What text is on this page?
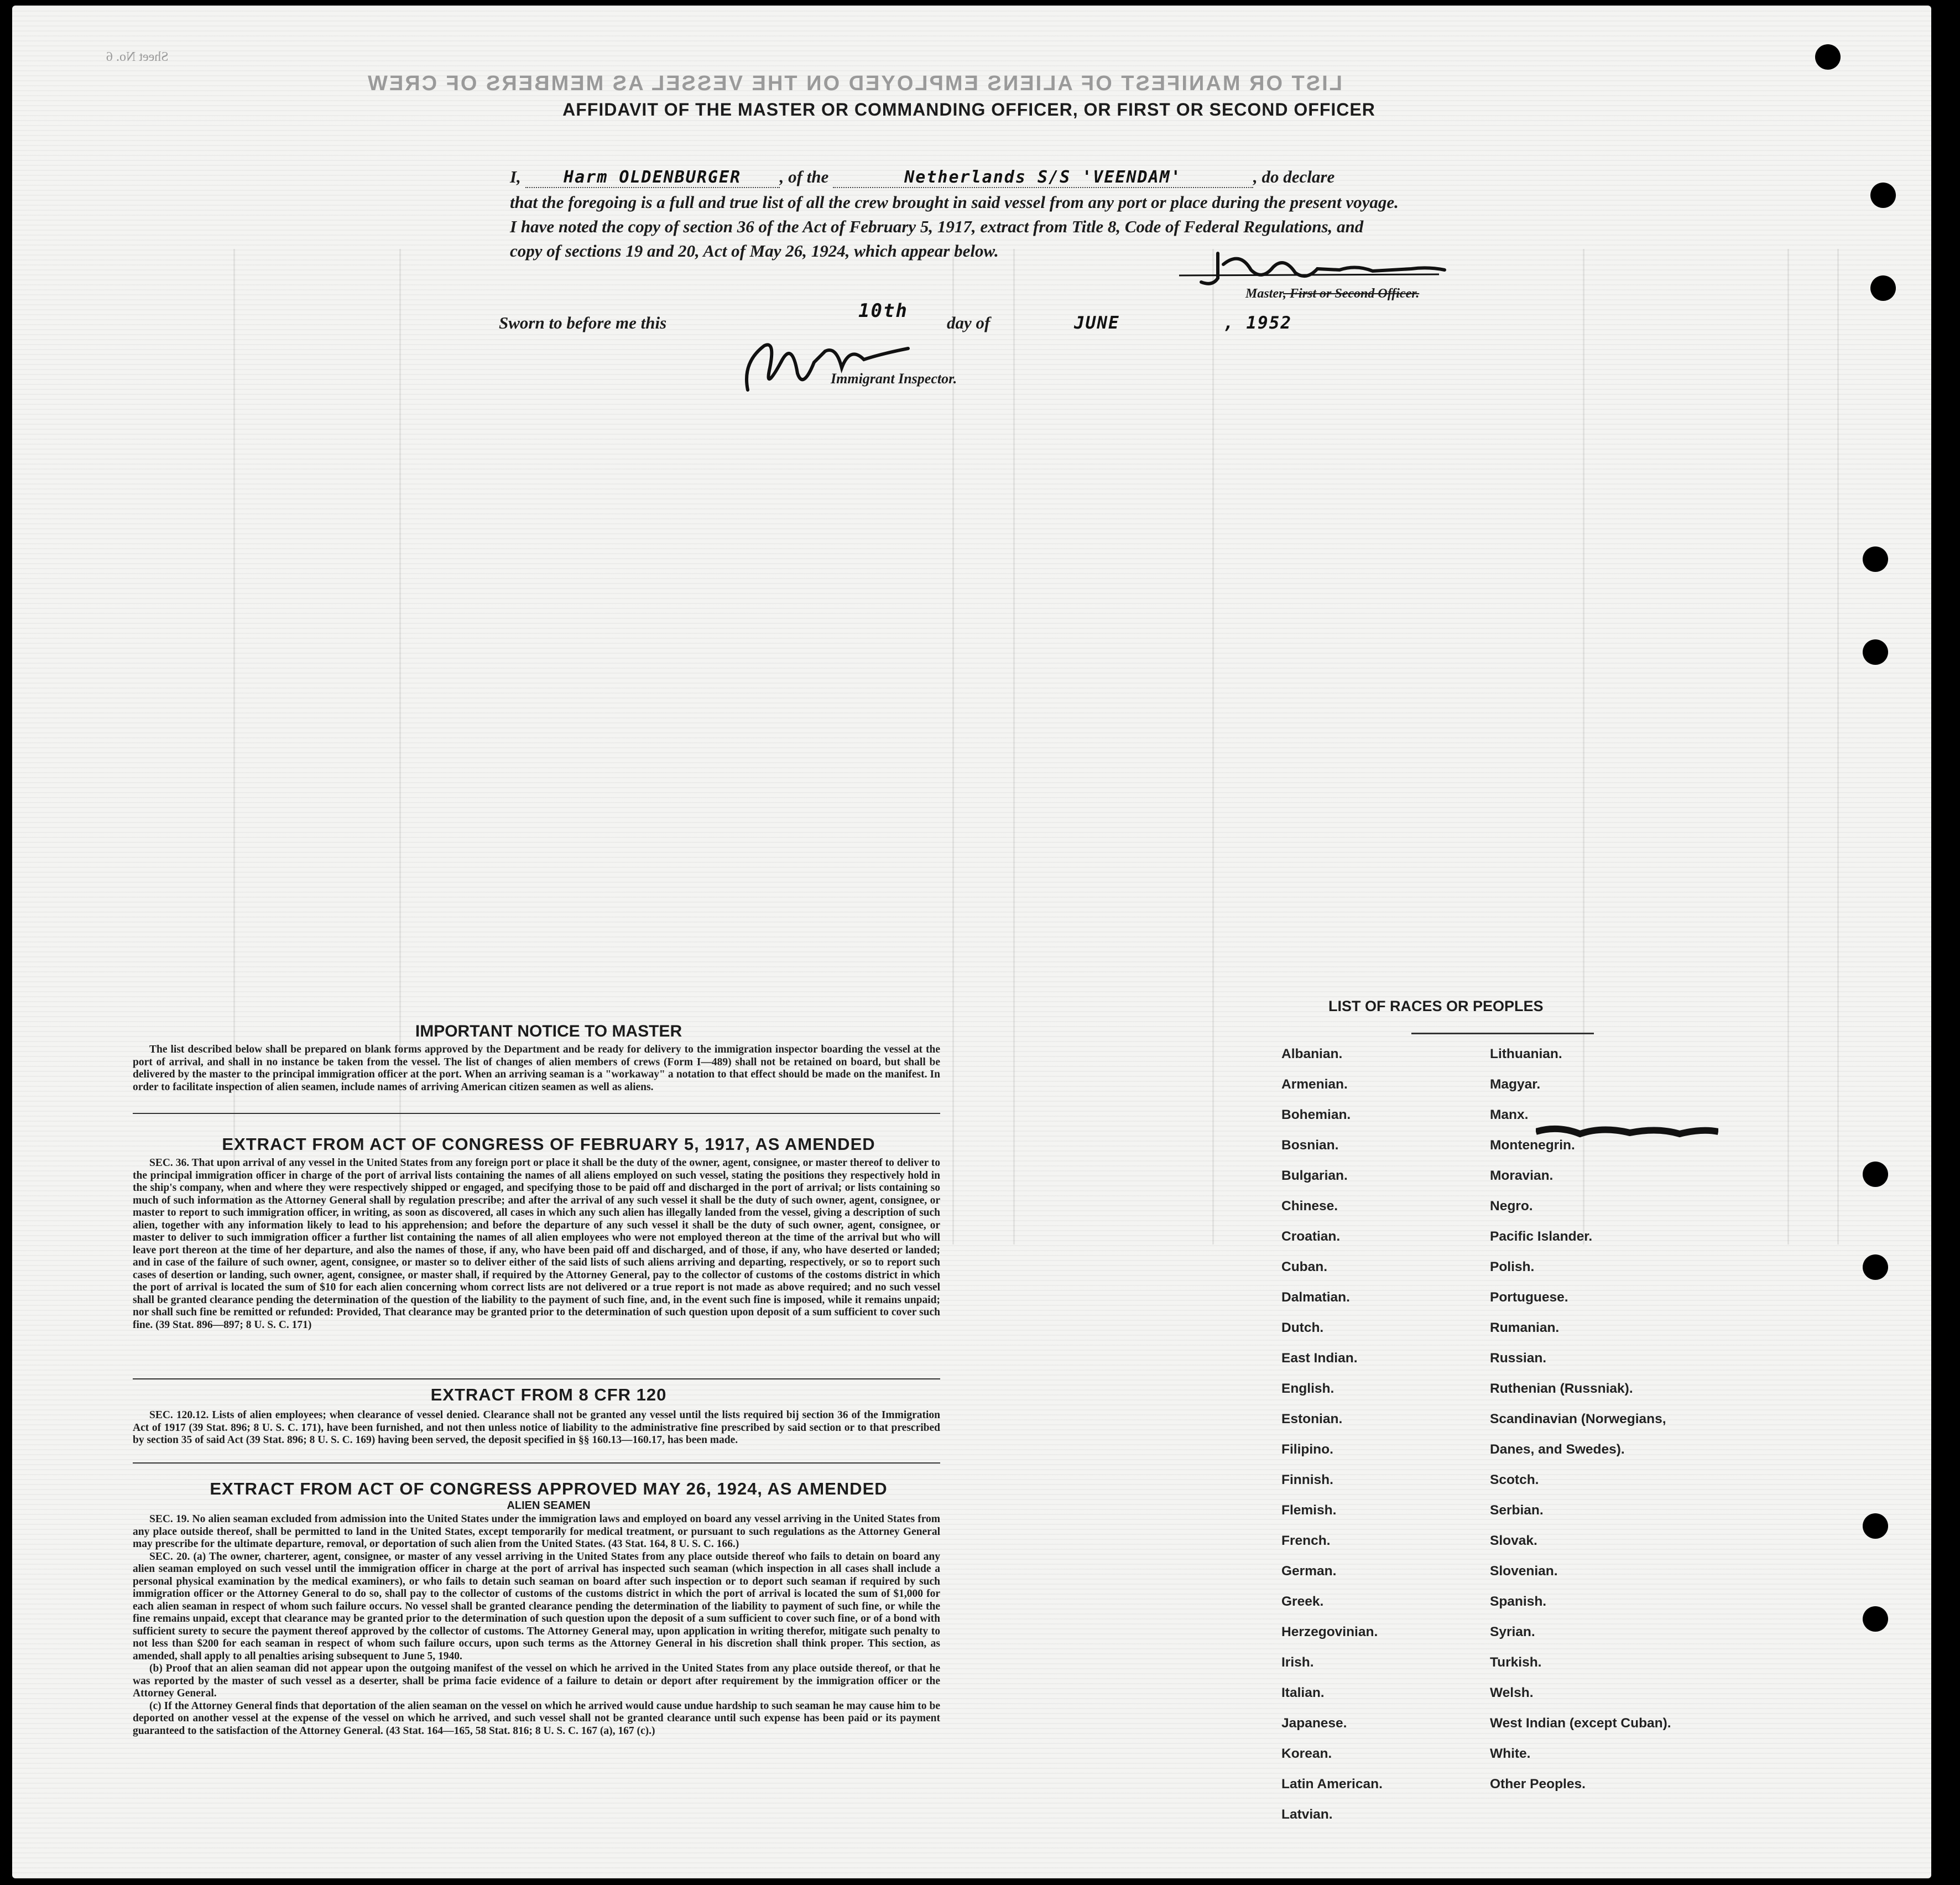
LIST OR MANIFEST OF ALIENS EMPLOYED ON THE VESSEL AS MEMBERS OF CREW
Sheet No. 6
AFFIDAVIT OF THE MASTER OR COMMANDING OFFICER, OR FIRST OR SECOND OFFICER
I,	Harm OLDENBURGER , of the	Netherlands S/S 'VEENDAM'	, do declare
that the foregoing is a full and true list of all the crew brought in said vessel from any port or place during the present voyage.
I have noted the copy of section 36 of the Act of February 5, 1917, extract from Title 8, Code of Federal Regulations, and
copy of sections 19 and 20, Act of May 26, 1924, which appear below.
Master, First or Second Officer.
Sworn to before me this
10th
day of	JUNE	, 1952
Immigrant Inspector.
IMPORTANT NOTICE TO MASTER

The list described below shall be prepared on blank forms approved by the Department and be ready for delivery to the immigration inspector boarding the vessel at the port of arrival, and shall in no instance be taken from the vessel. The list of changes of alien members of crews (Form I—489) shall not be retained on board, but shall be delivered by the master to the principal immigration officer at the port. When an arriving seaman is a "workaway" a notation to that effect should be made on the manifest. In order to facilitate inspection of alien seamen, include names of arriving American citizen seamen as well as aliens.

EXTRACT FROM ACT OF CONGRESS OF FEBRUARY 5, 1917, AS AMENDED

SEC. 36. That upon arrival of any vessel in the United States from any foreign port or place it shall be the duty of the owner, agent, consignee, or master thereof to deliver to the principal immigration officer in charge of the port of arrival lists containing the names of all aliens employed on such vessel, stating the positions they respectively hold in the ship's company, when and where they were respectively shipped or engaged, and specifying those to be paid off and discharged in the port of arrival; or lists containing so much of such information as the Attorney General shall by regulation prescribe; and after the arrival of any such vessel it shall be the duty of such owner, agent, consignee, or master to report to such immigration officer, in writing, as soon as discovered, all cases in which any such alien has illegally landed from the vessel, giving a description of such alien, together with any information likely to lead to his apprehension; and before the departure of any such vessel it shall be the duty of such owner, agent, consignee, or master to deliver to such immigration officer a further list containing the names of all alien employees who were not employed thereon at the time of the arrival but who will leave port thereon at the time of her departure, and also the names of those, if any, who have been paid off and discharged, and of those, if any, who have deserted or landed; and in case of the failure of such owner, agent, consignee, or master so to deliver either of the said lists of such aliens arriving and departing, respectively, or so to report such cases of desertion or landing, such owner, agent, consignee, or master shall, if required by the Attorney General, pay to the collector of customs of the costoms district in which the port of arrival is located the sum of $10 for each alien concerning whom correct lists are not delivered or a true report is not made as above required; and no such vessel shall be granted clearance pending the determination of the question of the liability to the payment of such fine, and, in the event such fine is imposed, while it remains unpaid; nor shall such fine be remitted or refunded: Provided, That clearance may be granted prior to the determination of such question upon deposit of a sum sufficient to cover such fine. (39 Stat. 896—897; 8 U. S. C. 171)

EXTRACT FROM 8 CFR 120

SEC. 120.12. Lists of alien employees; when clearance of vessel denied. Clearance shall not be granted any vessel until the lists required bij section 36 of the Immigration Act of 1917 (39 Stat. 896; 8 U. S. C. 171), have been furnished, and not then unless notice of liability to the administrative fine prescribed by said section or to that prescribed by section 35 of said Act (39 Stat. 896; 8 U. S. C. 169) having been served, the deposit specified in §§ 160.13—160.17, has been made.

EXTRACT FROM ACT OF CONGRESS APPROVED MAY 26, 1924, AS AMENDED
ALIEN SEAMEN

SEC. 19. No alien seaman excluded from admission into the United States under the immigration laws and employed on board any vessel arriving in the United States from any place outside thereof, shall be permitted to land in the United States, except temporarily for medical treatment, or pursuant to such regulations as the Attorney General may prescribe for the ultimate departure, removal, or deportation of such alien from the United States. (43 Stat. 164, 8 U. S. C. 166.)

SEC. 20. (a) The owner, charterer, agent, consignee, or master of any vessel arriving in the United States from any place outside thereof who fails to detain on board any alien seaman employed on such vessel until the immigration officer in charge at the port of arrival has inspected such seaman (which inspection in all cases shall include a personal physical examination by the medical examiners), or who fails to detain such seaman on board after such inspection or to deport such seaman if required by such immigration officer or the Attorney General to do so, shall pay to the collector of customs of the customs district in which the port of arrival is located the sum of $1,000 for each alien seaman in respect of whom such failure occurs. No vessel shall be granted clearance pending the determination of the liability to payment of such fine, or while the fine remains unpaid, except that clearance may be granted prior to the determination of such question upon the deposit of a sum sufficient to cover such fine, or of a bond with sufficient surety to secure the payment thereof approved by the collector of customs. The Attorney General may, upon application in writing therefor, mitigate such penalty to not less than $200 for each seaman in respect of whom such failure occurs, upon such terms as the Attorney General in his discretion shall think proper. This section, as amended, shall apply to all penalties arising subsequent to June 5, 1940.

(b) Proof that an alien seaman did not appear upon the outgoing manifest of the vessel on which he arrived in the United States from any place outside thereof, or that he was reported by the master of such vessel as a deserter, shall be prima facie evidence of a failure to detain or deport after requirement by the immigration officer or the Attorney General.

(c) If the Attorney General finds that deportation of the alien seaman on the vessel on which he arrived would cause undue hardship to such seaman he may cause him to be deported on another vessel at the expense of the vessel on which he arrived, and such vessel shall not be granted clearance until such expense has been paid or its payment guaranteed to the satisfaction of the Attorney General. (43 Stat. 164—165, 58 Stat. 816; 8 U. S. C. 167 (a), 167 (c).)

LIST OF RACES OR PEOPLES
Albanian.
Armenian.
Bohemian.
Bosnian.
Bulgarian.
Chinese.
Croatian.
Cuban.
Dalmatian.
Dutch.
East Indian.
English.
Estonian.
Filipino.
Finnish.
Flemish.
French.
German.
Greek.
Herzegovinian.
Irish.
Italian.
Japanese.
Korean.
Latin American.
Latvian.
Lithuanian.
Magyar.
Manx.
Montenegrin.
Moravian.
Negro.
Pacific Islander.
Polish.
Portuguese.
Rumanian.
Russian.
Ruthenian (Russniak).
Scandinavian (Norwegians,
Danes, and Swedes).
Scotch.
Serbian.
Slovak.
Slovenian.
Spanish.
Syrian.
Turkish.
Welsh.
West Indian (except Cuban).
White.
Other Peoples.
